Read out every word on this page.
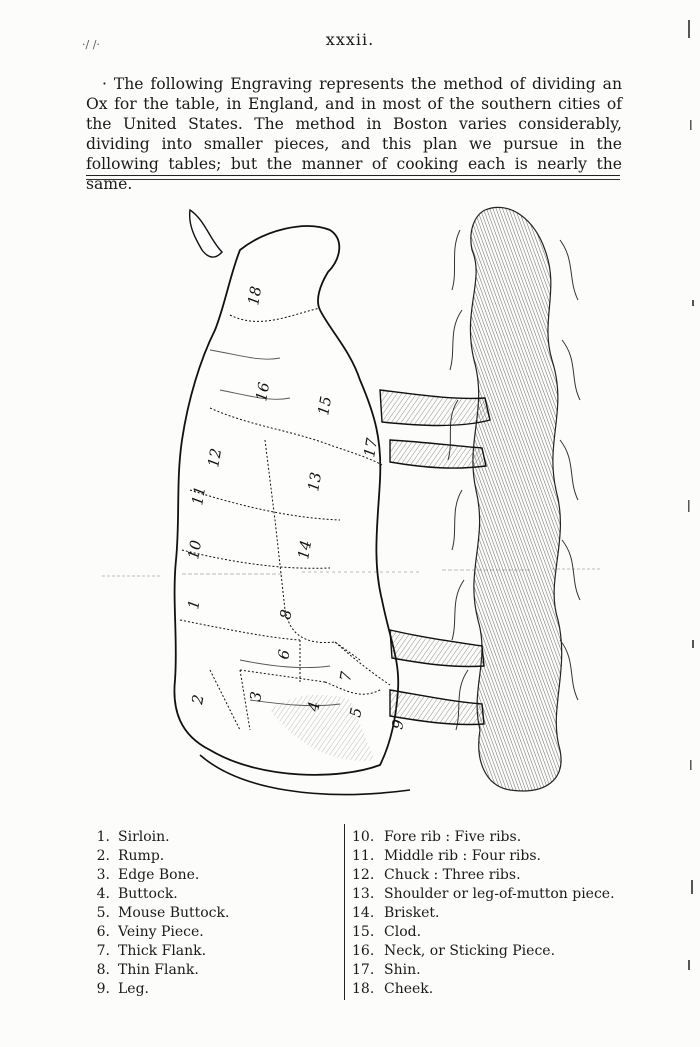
·/ /·	xxxii.

· The following Engraving represents the method of dividing an Ox for the table, in England, and in most of the southern cities of the United States. The method in Boston varies considerably, dividing into smaller pieces, and this plan we pursue in the following tables; but the manner of cooking each is nearly the same.

1
2	3
4 5
6
7
8
9
10
11
12
13
14
15
16
17
18
1. Sirloin.
2. Rump.
3. Edge Bone.
4. Buttock.
5. Mouse Buttock.
6. Veiny Piece.
7. Thick Flank.
8. Thin Flank.
9. Leg.
10. Fore rib : Five ribs.
11. Middle rib : Four ribs.
12. Chuck : Three ribs.
13. Shoulder or leg-of-mutton piece.
14. Brisket.
15. Clod.
16. Neck, or Sticking Piece.
17. Shin.
18. Cheek.
